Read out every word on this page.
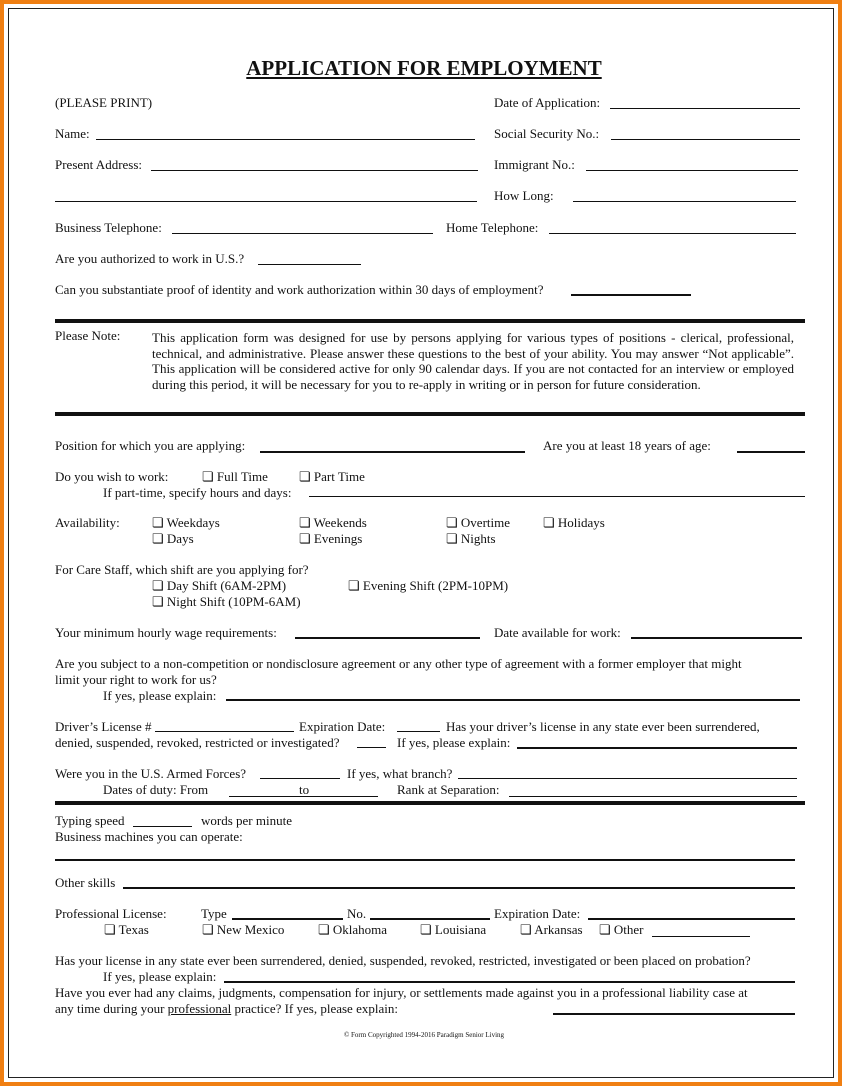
APPLICATION FOR EMPLOYMENT
(PLEASE PRINT)	Date of Application:
Name:	Social Security No.:
Present Address:	Immigrant No.:
How Long:
Business Telephone:	Home Telephone:
Are you authorized to work in U.S.?
Can you substantiate proof of identity and work authorization within 30 days of employment?
Please Note: This application form was designed for use by persons applying for various types of positions - clerical, professional, technical, and administrative. Please answer these questions to the best of your ability. You may answer “Not applicable”. This application will be considered active for only 90 calendar days. If you are not contacted for an interview or employed during this period, it will be necessary for you to re-apply in writing or in person for future consideration.
Position for which you are applying:	Are you at least 18 years of age:
Do you wish to work:	❏ Full Time ❏ Part Time
If part-time, specify hours and days:
Availability: ❏ Weekdays	❏ Weekends	❏ Overtime	❏ Holidays
❏ Days	❏ Evenings	❏ Nights
For Care Staff, which shift are you applying for?
❏ Day Shift (6AM-2PM)	❏ Evening Shift (2PM-10PM)
❏ Night Shift (10PM-6AM)
Your minimum hourly wage requirements:	Date available for work:
Are you subject to a non-competition or nondisclosure agreement or any other type of agreement with a former employer that might
limit your right to work for us?
If yes, please explain:
Driver’s License #	Expiration Date:	Has your driver’s license in any state ever been surrendered,
denied, suspended, revoked, restricted or investigated?	If yes, please explain:
Were you in the U.S. Armed Forces?	If yes, what branch?
Dates of duty: From	to	Rank at Separation:
Typing speed	words per minute
Business machines you can operate:
Other skills
Professional License:	Type	No.	Expiration Date:
❏ Texas	❏ New Mexico	❏ Oklahoma	❏ Louisiana	❏ Arkansas ❏ Other
Has your license in any state ever been surrendered, denied, suspended, revoked, restricted, investigated or been placed on probation?
If yes, please explain:
Have you ever had any claims, judgments, compensation for injury, or settlements made against you in a professional liability case at
any time during your professional practice? If yes, please explain:
© Form Copyrighted 1994-2016 Paradigm Senior Living
